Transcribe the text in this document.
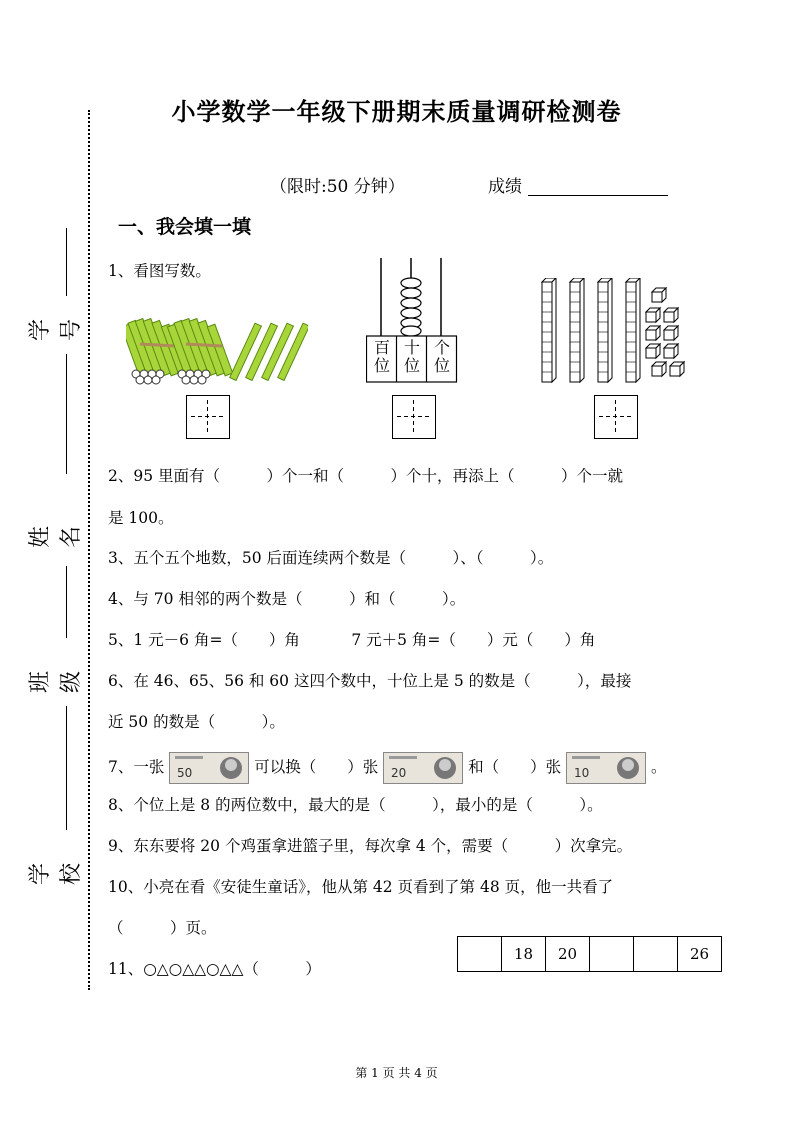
小学数学一年级下册期末质量调研检测卷
（限时:50 分钟）	成绩
学号
姓名
班级
学校
一、我会填一填
1、看图写数。
百
位
十
位
个
位
2、95 里面有（　　　）个一和（　　　）个十，再添上（　　　）个一就
是 100。
3、五个五个地数，50 后面连续两个数是（　　　）、（　　　）。
4、与 70 相邻的两个数是（　　　）和（　　　）。
5、1 元－6 角=（　　）角　　　 7 元＋5 角=（　　）元（　　）角
6、在 46、65、56 和 60 这四个数中，十位上是 5 的数是（　　　），最接
近 50 的数是（　　　）。
7、一张 50	可以换（　　）张 20	和（　　）张 10	。
8、个位上是 8 的两位数中，最大的是（　　　），最小的是（　　　）。
9、东东要将 20 个鸡蛋拿进篮子里，每次拿 4 个，需要（　　　）次拿完。
10、小亮在看《安徒生童话》，他从第 42 页看到了第 48 页，他一共看了
（　　　）页。
11、○△○△△○△△（　　　）
	18	20			26
第 1 页 共 4 页
